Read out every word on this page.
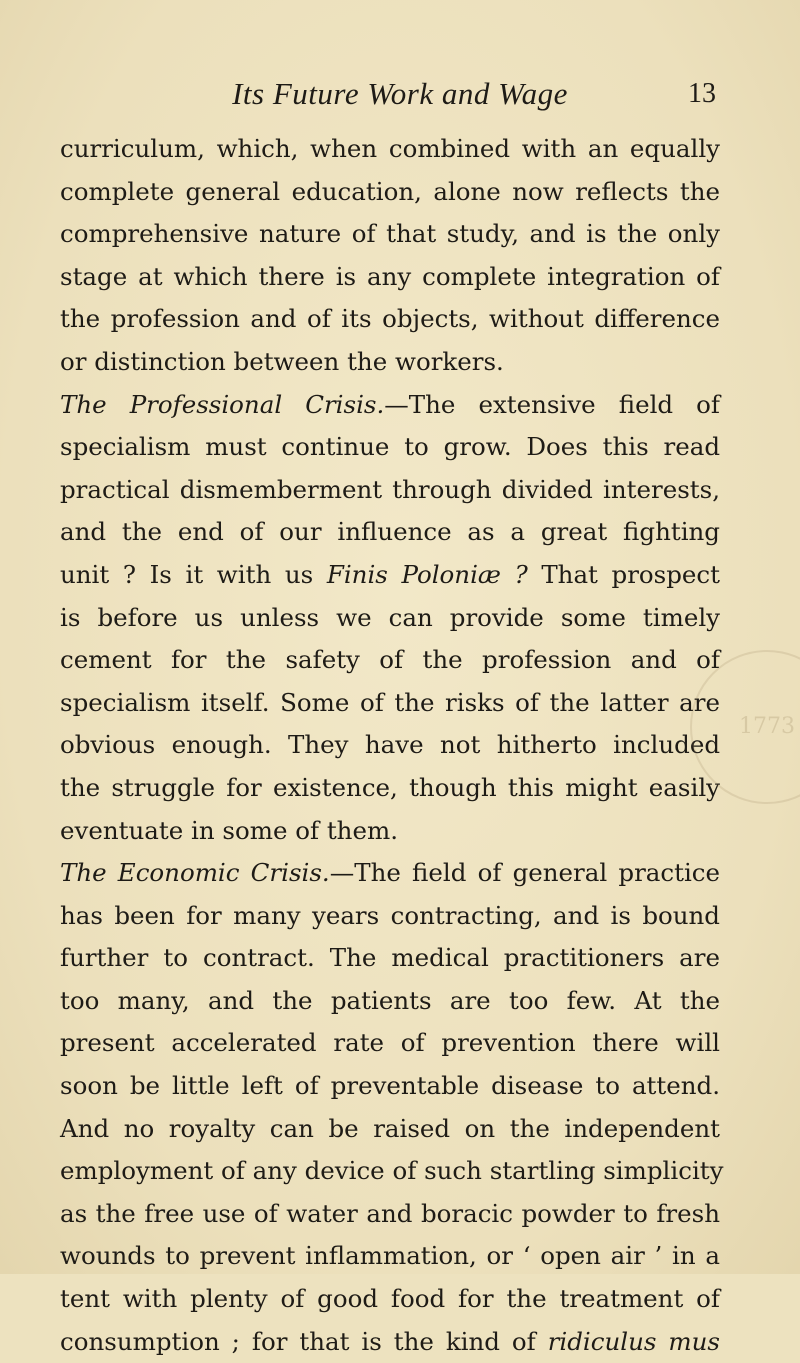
Its Future Work and Wage	13
curriculum, which, when combined with an equally
complete general education, alone now reflects the
comprehensive nature of that study, and is the only
stage at which there is any complete integration of
the profession and of its objects, without difference
or distinction between the workers.
The Professional Crisis.—The extensive field of
specialism must continue to grow. Does this read
practical dismemberment through divided interests,
and the end of our influence as a great fighting
unit ? Is it with us Finis Poloniæ ? That prospect
is before us unless we can provide some timely
cement for the safety of the profession and of
specialism itself. Some of the risks of the latter are
obvious enough. They have not hitherto included
the struggle for existence, though this might easily
eventuate in some of them.
The Economic Crisis.—The field of general practice
has been for many years contracting, and is bound
further to contract. The medical practitioners are
too many, and the patients are too few. At the
present accelerated rate of prevention there will
soon be little left of preventable disease to attend.
And no royalty can be raised on the independent
employment of any device of such startling simplicity
as the free use of water and boracic powder to fresh
wounds to prevent inflammation, or ‘ open air ’ in a
tent with plenty of good food for the treatment of
consumption ; for that is the kind of ridiculus mus
1773
